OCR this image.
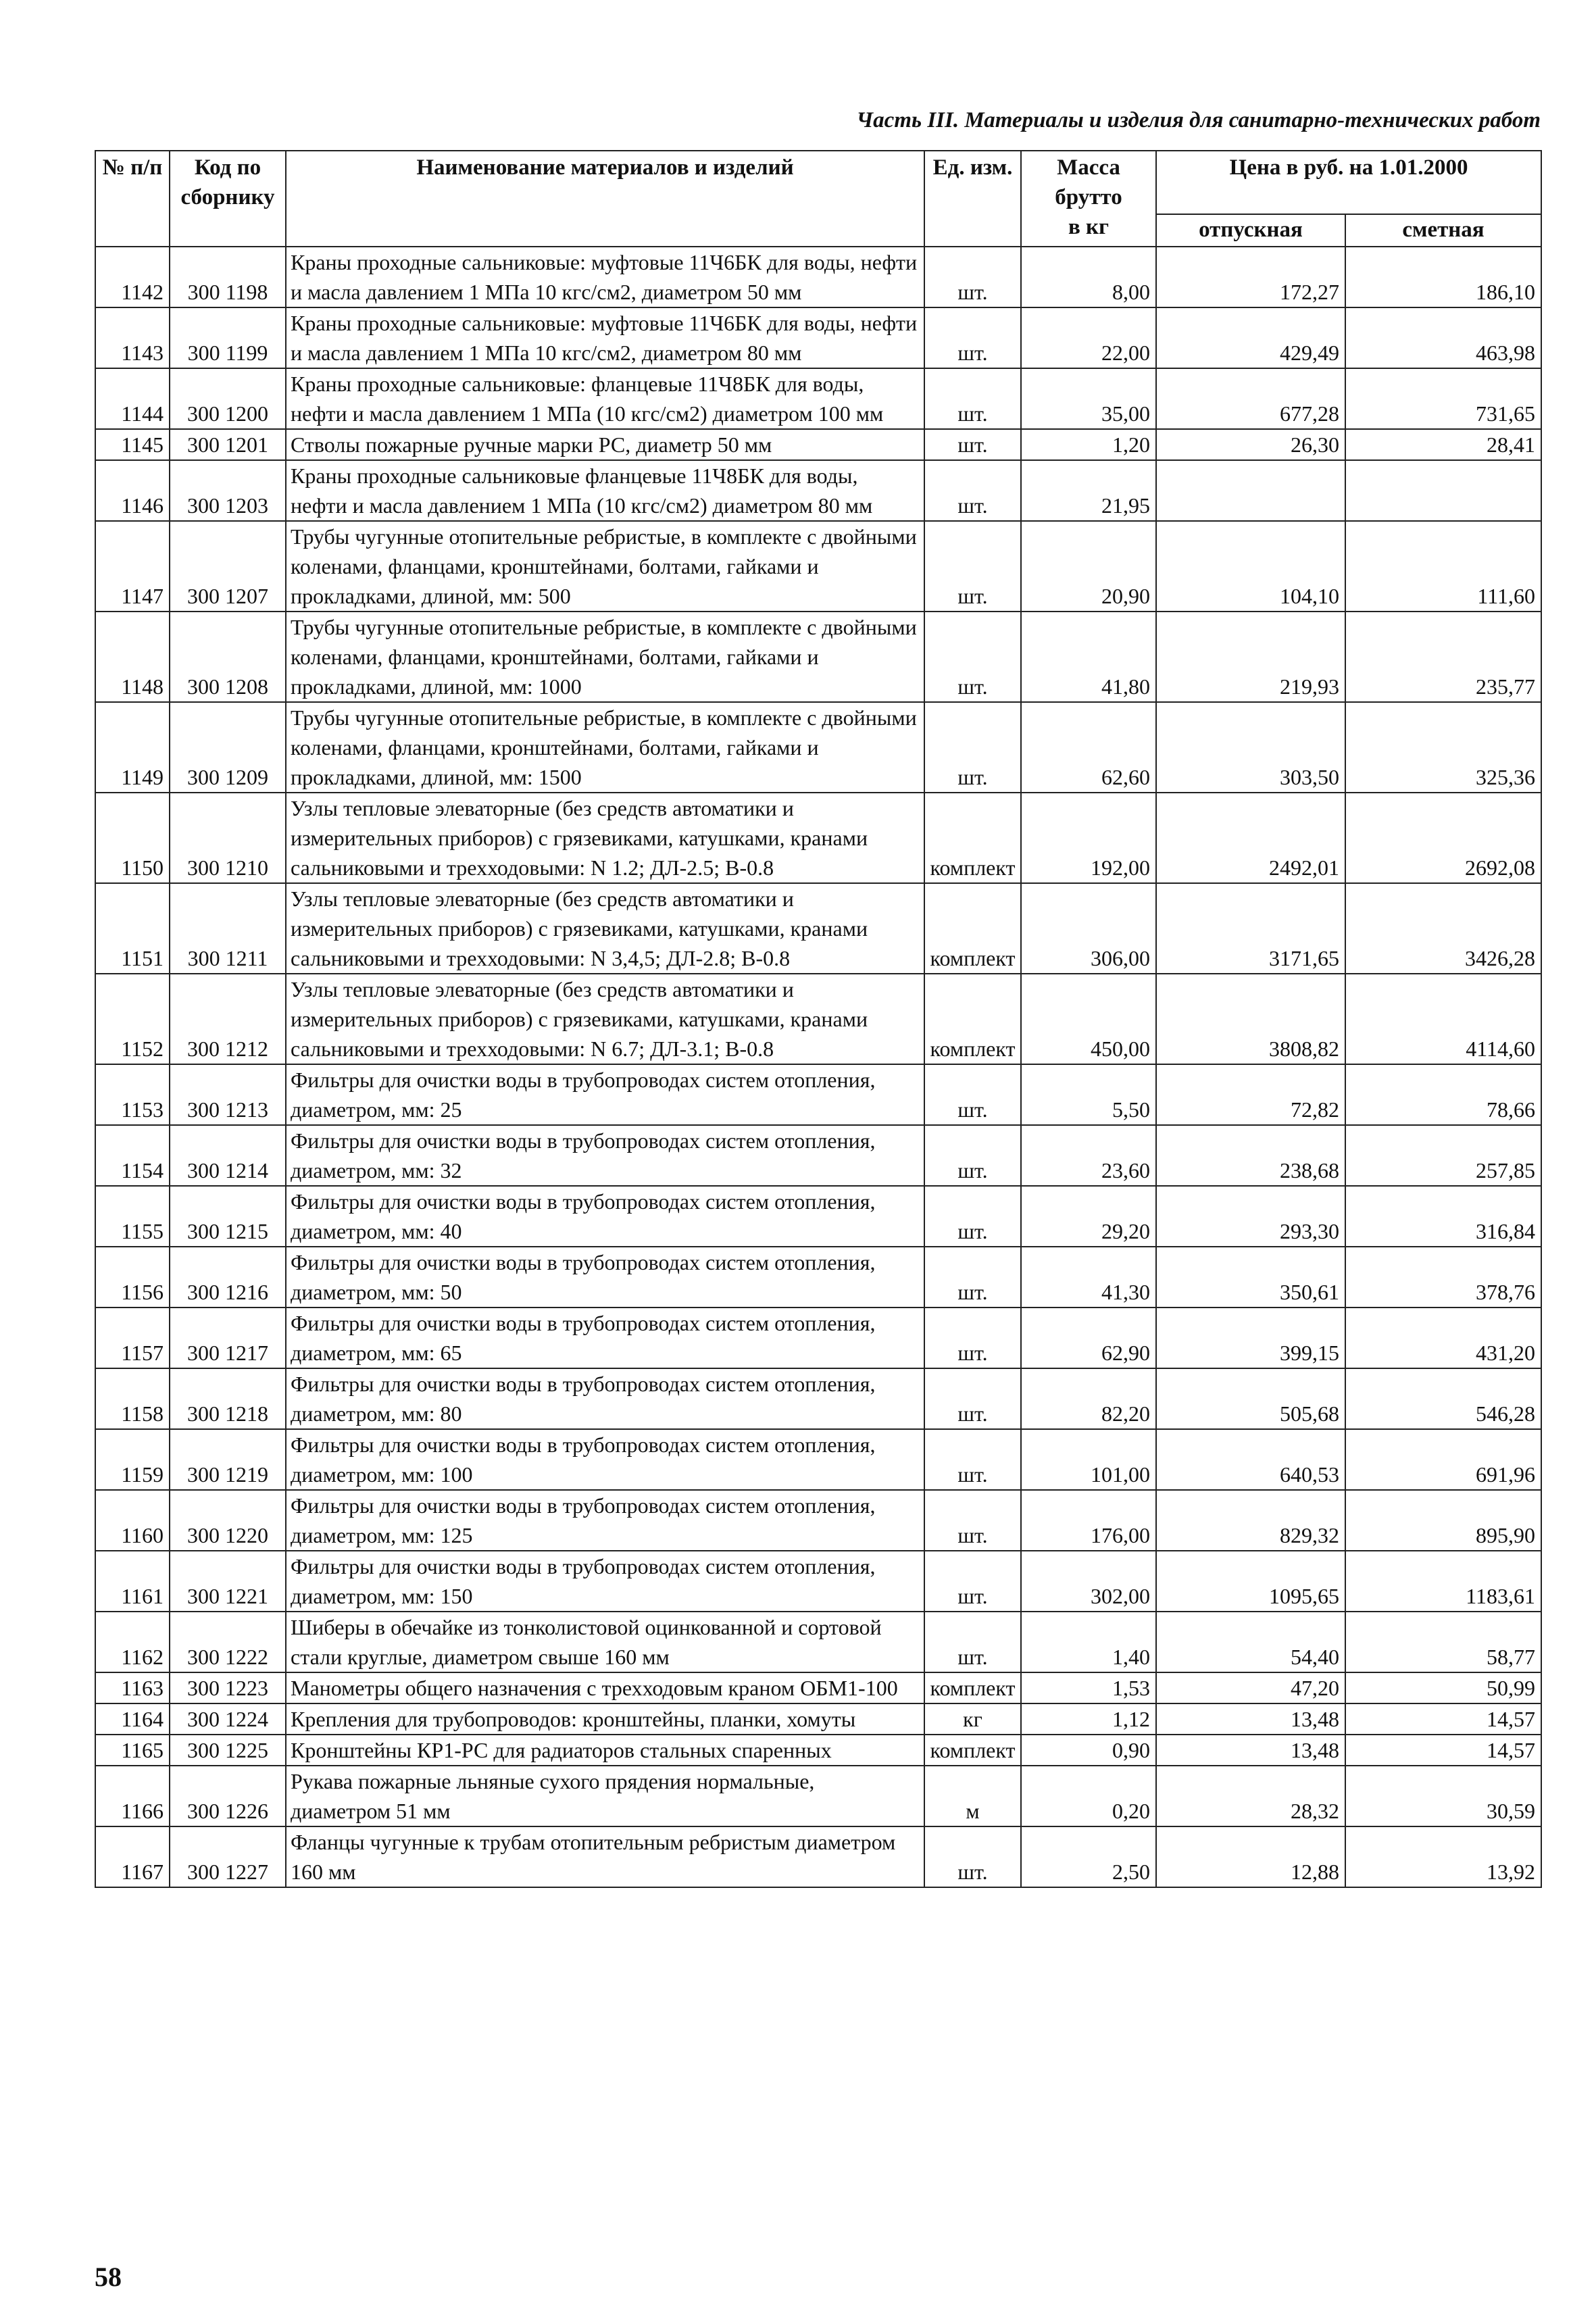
Часть III. Материалы и изделия для санитарно-технических работ
№ п/п	Код по сборнику	Наименование материалов и изделий	Ед. изм.	Масса брутто
в кг	Цена в руб. на 1.01.2000	
					отпускная	сметная
1142	300 1198	Краны проходные сальниковые: муфтовые 11Ч6БК для воды, нефти и масла давлением 1 МПа 10 кгс/см2, диаметром 50 мм	шт.	8,00	172,27	186,10
1143	300 1199	Краны проходные сальниковые: муфтовые 11Ч6БК для воды, нефти и масла давлением 1 МПа 10 кгс/см2, диаметром 80 мм	шт.	22,00	429,49	463,98
1144	300 1200	Краны проходные сальниковые: фланцевые 11Ч8БК для воды, нефти и масла давлением 1 МПа (10 кгс/см2) диаметром 100 мм	шт.	35,00	677,28	731,65
1145	300 1201	Стволы пожарные ручные марки РС, диаметр 50 мм	шт.	1,20	26,30	28,41
1146	300 1203	Краны проходные сальниковые фланцевые 11Ч8БК для воды, нефти и масла давлением 1 МПа (10 кгс/см2) диаметром 80 мм	шт.	21,95		
1147	300 1207	Трубы чугунные отопительные ребристые, в комплекте с двойными коленами, фланцами, кронштейнами, болтами, гайками и прокладками, длиной, мм: 500	шт.	20,90	104,10	111,60
1148	300 1208	Трубы чугунные отопительные ребристые, в комплекте с двойными коленами, фланцами, кронштейнами, болтами, гайками и прокладками, длиной, мм: 1000	шт.	41,80	219,93	235,77
1149	300 1209	Трубы чугунные отопительные ребристые, в комплекте с двойными коленами, фланцами, кронштейнами, болтами, гайками и прокладками, длиной, мм: 1500	шт.	62,60	303,50	325,36
1150	300 1210	Узлы тепловые элеваторные (без средств автоматики и измерительных приборов) с грязевиками, катушками, кранами сальниковыми и трехходовыми: N 1.2; ДЛ-2.5; В-0.8	комплект	192,00	2492,01	2692,08
1151	300 1211	Узлы тепловые элеваторные (без средств автоматики и измерительных приборов) с грязевиками, катушками, кранами сальниковыми и трехходовыми: N 3,4,5; ДЛ-2.8; В-0.8	комплект	306,00	3171,65	3426,28
1152	300 1212	Узлы тепловые элеваторные (без средств автоматики и измерительных приборов) с грязевиками, катушками, кранами сальниковыми и трехходовыми: N 6.7; ДЛ-3.1; В-0.8	комплект	450,00	3808,82	4114,60
1153	300 1213	Фильтры для очистки воды в трубопроводах систем отопления, диаметром, мм: 25	шт.	5,50	72,82	78,66
1154	300 1214	Фильтры для очистки воды в трубопроводах систем отопления, диаметром, мм: 32	шт.	23,60	238,68	257,85
1155	300 1215	Фильтры для очистки воды в трубопроводах систем отопления, диаметром, мм: 40	шт.	29,20	293,30	316,84
1156	300 1216	Фильтры для очистки воды в трубопроводах систем отопления, диаметром, мм: 50	шт.	41,30	350,61	378,76
1157	300 1217	Фильтры для очистки воды в трубопроводах систем отопления, диаметром, мм: 65	шт.	62,90	399,15	431,20
1158	300 1218	Фильтры для очистки воды в трубопроводах систем отопления, диаметром, мм: 80	шт.	82,20	505,68	546,28
1159	300 1219	Фильтры для очистки воды в трубопроводах систем отопления, диаметром, мм: 100	шт.	101,00	640,53	691,96
1160	300 1220	Фильтры для очистки воды в трубопроводах систем отопления, диаметром, мм: 125	шт.	176,00	829,32	895,90
1161	300 1221	Фильтры для очистки воды в трубопроводах систем отопления, диаметром, мм: 150	шт.	302,00	1095,65	1183,61
1162	300 1222	Шиберы в обечайке из тонколистовой оцинкованной и сортовой стали круглые, диаметром свыше 160 мм	шт.	1,40	54,40	58,77
1163	300 1223	Манометры общего назначения с трехходовым краном ОБМ1-100	комплект	1,53	47,20	50,99
1164	300 1224	Крепления для трубопроводов: кронштейны, планки, хомуты	кг	1,12	13,48	14,57
1165	300 1225	Кронштейны КР1-РС для радиаторов стальных спаренных	комплект	0,90	13,48	14,57
1166	300 1226	Рукава пожарные льняные сухого прядения нормальные, диаметром 51 мм	м	0,20	28,32	30,59
1167	300 1227	Фланцы чугунные к трубам отопительным ребристым диаметром 160 мм	шт.	2,50	12,88	13,92
58
